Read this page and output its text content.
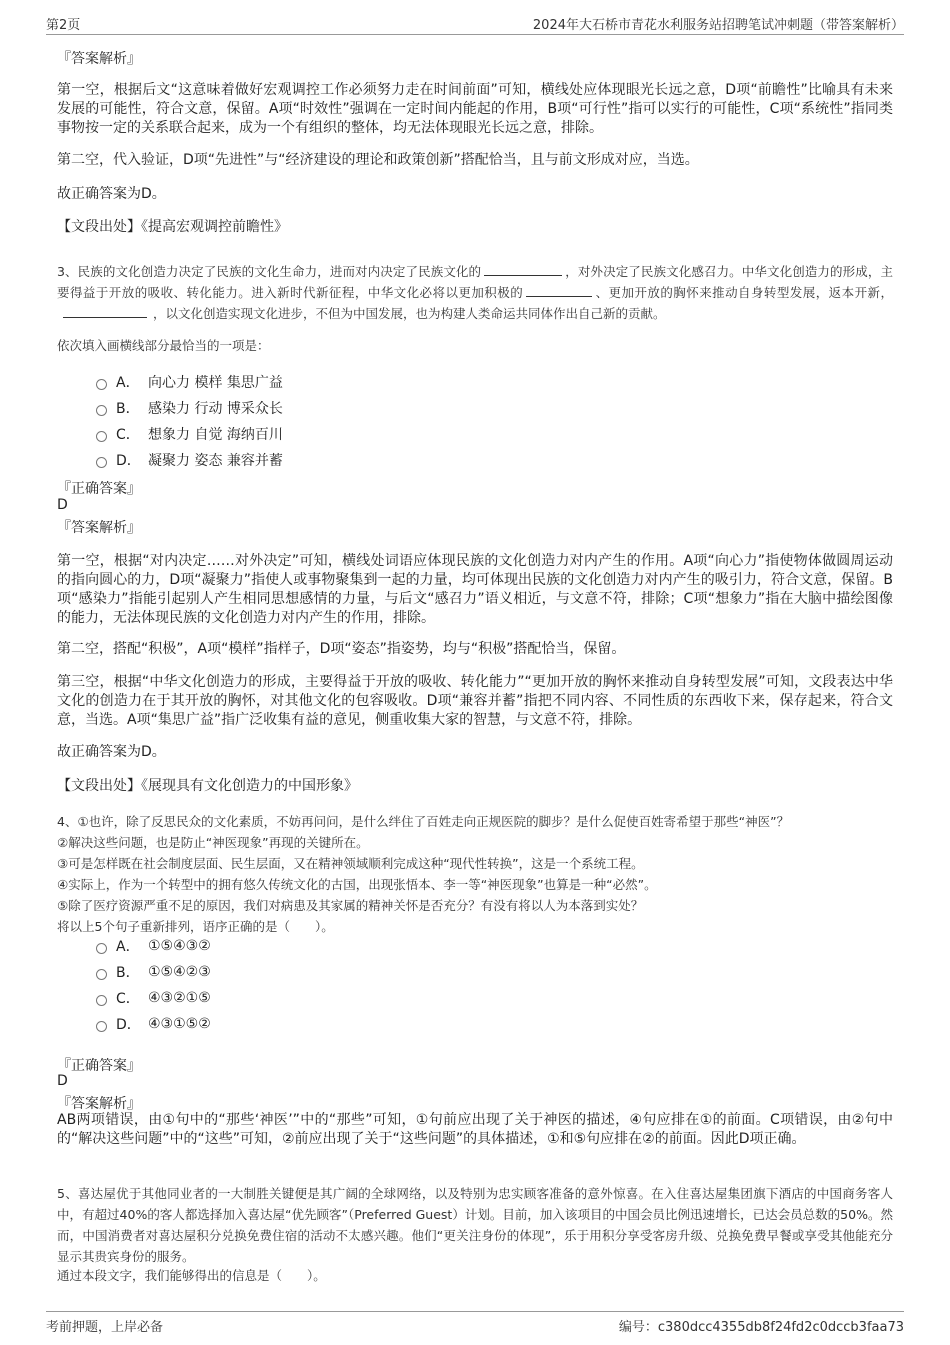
第2页	2024年大石桥市青花水利服务站招聘笔试冲刺题（带答案解析）
『答案解析』
第一空，根据后文“这意味着做好宏观调控工作必须努力走在时间前面”可知，横线处应体现眼光长远之意，D项“前瞻性”比喻具有未来发展的可能性，符合文意，保留。A项“时效性”强调在一定时间内能起的作用，B项“可行性”指可以实行的可能性，C项“系统性”指同类事物按一定的关系联合起来，成为一个有组织的整体，均无法体现眼光长远之意，排除。
第二空，代入验证，D项“先进性”与“经济建设的理论和政策创新”搭配恰当，且与前文形成对应，当选。
故正确答案为D。
【文段出处】《提高宏观调控前瞻性》
3、民族的文化创造力决定了民族的文化生命力，进而对内决定了民族文化的	，对外决定了民族文化感召力。中华文化创造力的形成，主要得益于开放的吸收、转化能力。进入新时代新征程，中华文化必将以更加积极的	、更加开放的胸怀来推动自身转型发展，返本开新，，以文化创造实现文化进步，不但为中国发展，也为构建人类命运共同体作出自己新的贡献。
依次填入画横线部分最恰当的一项是：
A． 向心力 模样 集思广益
B． 感染力 行动 博采众长
C． 想象力 自觉 海纳百川
D． 凝聚力 姿态 兼容并蓄
『正确答案』
D
『答案解析』
第一空，根据“对内决定……对外决定”可知，横线处词语应体现民族的文化创造力对内产生的作用。A项“向心力”指使物体做圆周运动的指向圆心的力，D项“凝聚力”指使人或事物聚集到一起的力量，均可体现出民族的文化创造力对内产生的吸引力，符合文意，保留。B项“感染力”指能引起别人产生相同思想感情的力量，与后文“感召力”语义相近，与文意不符，排除；C项“想象力”指在大脑中描绘图像的能力，无法体现民族的文化创造力对内产生的作用，排除。
第二空，搭配“积极”，A项“模样”指样子，D项“姿态”指姿势，均与“积极”搭配恰当，保留。
第三空，根据“中华文化创造力的形成，主要得益于开放的吸收、转化能力”“更加开放的胸怀来推动自身转型发展”可知，文段表达中华文化的创造力在于其开放的胸怀，对其他文化的包容吸收。D项“兼容并蓄”指把不同内容、不同性质的东西收下来，保存起来，符合文意，当选。A项“集思广益”指广泛收集有益的意见，侧重收集大家的智慧，与文意不符，排除。
故正确答案为D。
【文段出处】《展现具有文化创造力的中国形象》
4、①也许，除了反思民众的文化素质，不妨再问问，是什么绊住了百姓走向正规医院的脚步？是什么促使百姓寄希望于那些“神医”？
②解决这些问题，也是防止“神医现象”再现的关键所在。
③可是怎样既在社会制度层面、民生层面，又在精神领域顺利完成这种“现代性转换”，这是一个系统工程。
④实际上，作为一个转型中的拥有悠久传统文化的古国，出现张悟本、李一等“神医现象”也算是一种“必然”。
⑤除了医疗资源严重不足的原因，我们对病患及其家属的精神关怀是否充分？有没有将以人为本落到实处？
将以上5个句子重新排列，语序正确的是（　　）。
A． ①⑤④③②
B． ①⑤④②③
C． ④③②①⑤
D． ④③①⑤②
『正确答案』
D
『答案解析』
AB两项错误，由①句中的“那些‘神医’”中的“那些”可知，①句前应出现了关于神医的描述，④句应排在①的前面。C项错误，由②句中的“解决这些问题”中的“这些”可知，②前应出现了关于“这些问题”的具体描述，①和⑤句应排在②的前面。因此D项正确。
5、喜达屋优于其他同业者的一大制胜关键便是其广阔的全球网络，以及特别为忠实顾客准备的意外惊喜。在入住喜达屋集团旗下酒店的中国商务客人中，有超过40%的客人都选择加入喜达屋“优先顾客”（Preferred Guest）计划。目前，加入该项目的中国会员比例迅速增长，已达会员总数的50%。然而，中国消费者对喜达屋积分兑换免费住宿的活动不太感兴趣。他们“更关注身份的体现”，乐于用积分享受客房升级、兑换免费早餐或享受其他能充分显示其贵宾身份的服务。
通过本段文字，我们能够得出的信息是（　　）。
考前押题，上岸必备	编号：c380dcc4355db8f24fd2c0dccb3faa73
